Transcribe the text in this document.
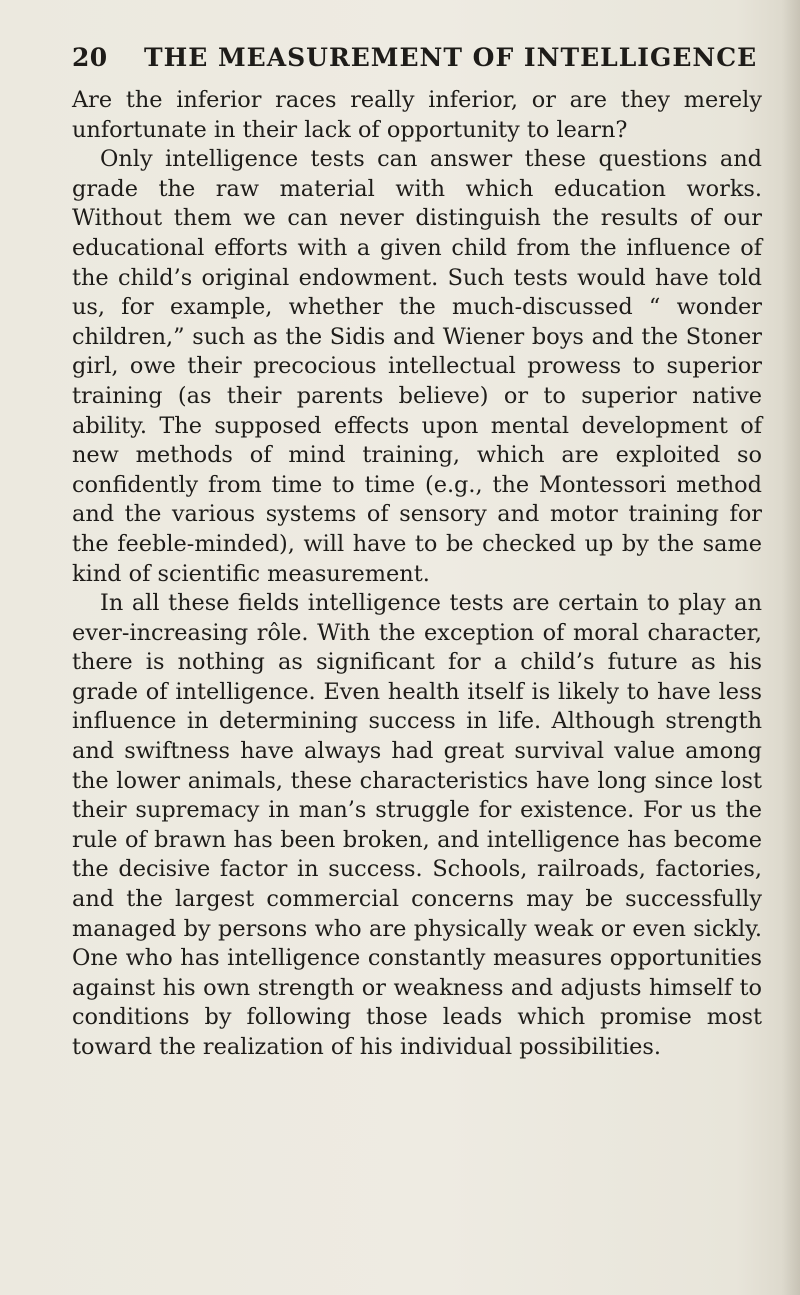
20 THE MEASUREMENT OF INTELLIGENCE

Are the inferior races really inferior, or are they merely unfortunate in their lack of opportunity to learn?

Only intelligence tests can answer these questions and grade the raw material with which education works. Without them we can never distinguish the results of our educational efforts with a given child from the influence of the child’s original endowment. Such tests would have told us, for example, whether the much-discussed “ wonder children,” such as the Sidis and Wiener boys and the Stoner girl, owe their precocious intellectual prowess to superior training (as their parents believe) or to superior native ability. The supposed effects upon mental development of new methods of mind training, which are exploited so confidently from time to time (e.g., the Montessori method and the various systems of sensory and motor training for the feeble-minded), will have to be checked up by the same kind of scientific measurement.

In all these fields intelligence tests are certain to play an ever-increasing rôle. With the exception of moral character, there is nothing as significant for a child’s future as his grade of intelligence. Even health itself is likely to have less influence in determining success in life. Although strength and swiftness have always had great survival value among the lower animals, these characteristics have long since lost their supremacy in man’s struggle for existence. For us the rule of brawn has been broken, and intelligence has become the decisive factor in success. Schools, railroads, factories, and the largest commercial concerns may be successfully managed by persons who are physically weak or even sickly. One who has intelligence constantly measures opportunities against his own strength or weakness and adjusts himself to conditions by following those leads which promise most toward the realization of his individual possibilities.
